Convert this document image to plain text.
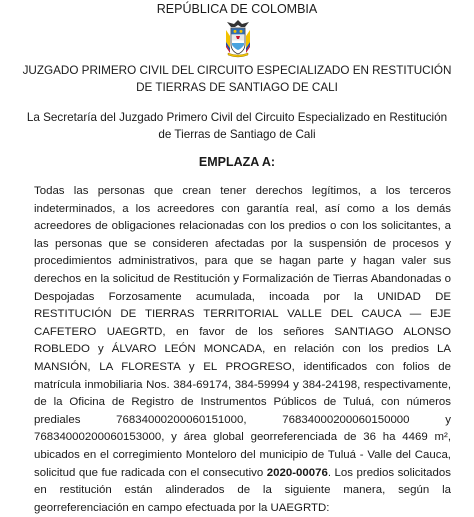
REPÚBLICA DE COLOMBIA
JUZGADO PRIMERO CIVIL DEL CIRCUITO ESPECIALIZADO EN RESTITUCIÓN DE TIERRAS DE SANTIAGO DE CALI
La Secretaría del Juzgado Primero Civil del Circuito Especializado en Restitución de Tierras de Santiago de Cali
EMPLAZA A:
Todas las personas que crean tener derechos legítimos, a los terceros indeterminados, a los acreedores con garantía real, así como a los demás acreedores de obligaciones relacionadas con los predios o con los solicitantes, a las personas que se consideren afectadas por la suspensión de procesos y procedimientos administrativos, para que se hagan parte y hagan valer sus derechos en la solicitud de Restitución y Formalización de Tierras Abandonadas o Despojadas Forzosamente acumulada, incoada por la UNIDAD DE RESTITUCIÓN DE TIERRAS TERRITORIAL VALLE DEL CAUCA — EJE CAFETERO UAEGRTD, en favor de los señores SANTIAGO ALONSO ROBLEDO y ÁLVARO LEÓN MONCADA, en relación con los predios LA MANSIÓN, LA FLORESTA y EL PROGRESO, identificados con folios de matrícula inmobiliaria Nos. 384-69174, 384-59994 y 384-24198, respectivamente, de la Oficina de Registro de Instrumentos Públicos de Tuluá, con números prediales 76834000200060151000, 76834000200060150000 y 76834000200060153000, y área global georreferenciada de 36 ha 4469 m², ubicados en el corregimiento Monteloro del municipio de Tuluá - Valle del Cauca, solicitud que fue radicada con el consecutivo 2020-00076. Los predios solicitados en restitución están alinderados de la siguiente manera, según la georreferenciación en campo efectuada por la UAEGRTD:
